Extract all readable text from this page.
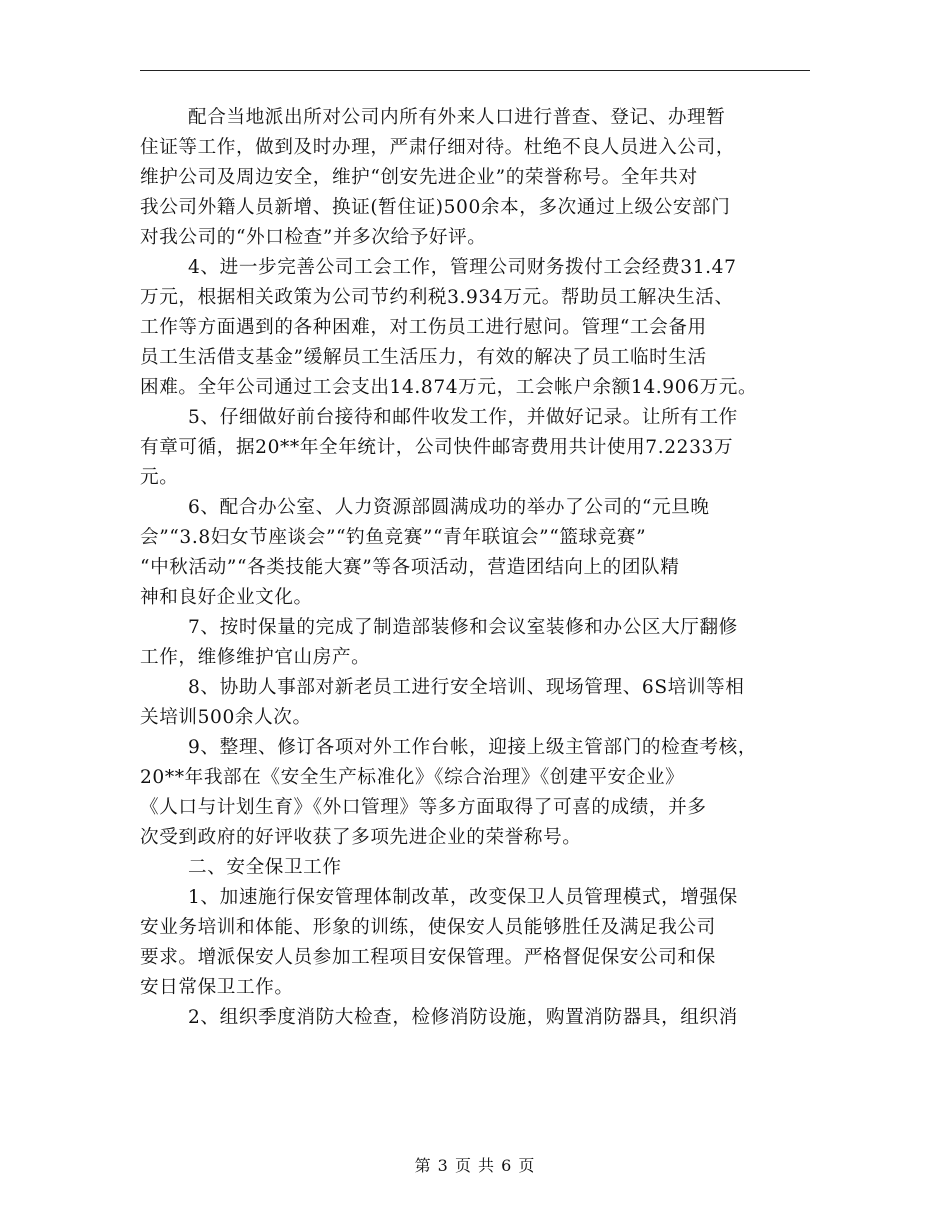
配合当地派出所对公司内所有外来人口进行普查、登记、办理暂
住证等工作，做到及时办理，严肃仔细对待。杜绝不良人员进入公司，
维护公司及周边安全，维护“创安先进企业”的荣誉称号。全年共对
我公司外籍人员新增、换证(暂住证)500余本，多次通过上级公安部门
对我公司的“外口检查”并多次给予好评。
4、进一步完善公司工会工作，管理公司财务拨付工会经费31.47
万元，根据相关政策为公司节约利税3.934万元。帮助员工解决生活、
工作等方面遇到的各种困难，对工伤员工进行慰问。管理“工会备用
员工生活借支基金”缓解员工生活压力，有效的解决了员工临时生活
困难。全年公司通过工会支出14.874万元，工会帐户余额14.906万元。
5、仔细做好前台接待和邮件收发工作，并做好记录。让所有工作
有章可循，据20**年全年统计，公司快件邮寄费用共计使用7.2233万
元。
6、配合办公室、人力资源部圆满成功的举办了公司的“元旦晚
会”“3.8妇女节座谈会”“钓鱼竞赛”“青年联谊会”“篮球竞赛”
“中秋活动”“各类技能大赛”等各项活动，营造团结向上的团队精
神和良好企业文化。
7、按时保量的完成了制造部装修和会议室装修和办公区大厅翻修
工作，维修维护官山房产。
8、协助人事部对新老员工进行安全培训、现场管理、6S培训等相
关培训500余人次。
9、整理、修订各项对外工作台帐，迎接上级主管部门的检查考核，
20**年我部在《安全生产标准化》《综合治理》《创建平安企业》
《人口与计划生育》《外口管理》等多方面取得了可喜的成绩，并多
次受到政府的好评收获了多项先进企业的荣誉称号。
二、安全保卫工作
1、加速施行保安管理体制改革，改变保卫人员管理模式，增强保
安业务培训和体能、形象的训练，使保安人员能够胜任及满足我公司
要求。增派保安人员参加工程项目安保管理。严格督促保安公司和保
安日常保卫工作。
2、组织季度消防大检查，检修消防设施，购置消防器具，组织消
第 3 页 共 6 页
